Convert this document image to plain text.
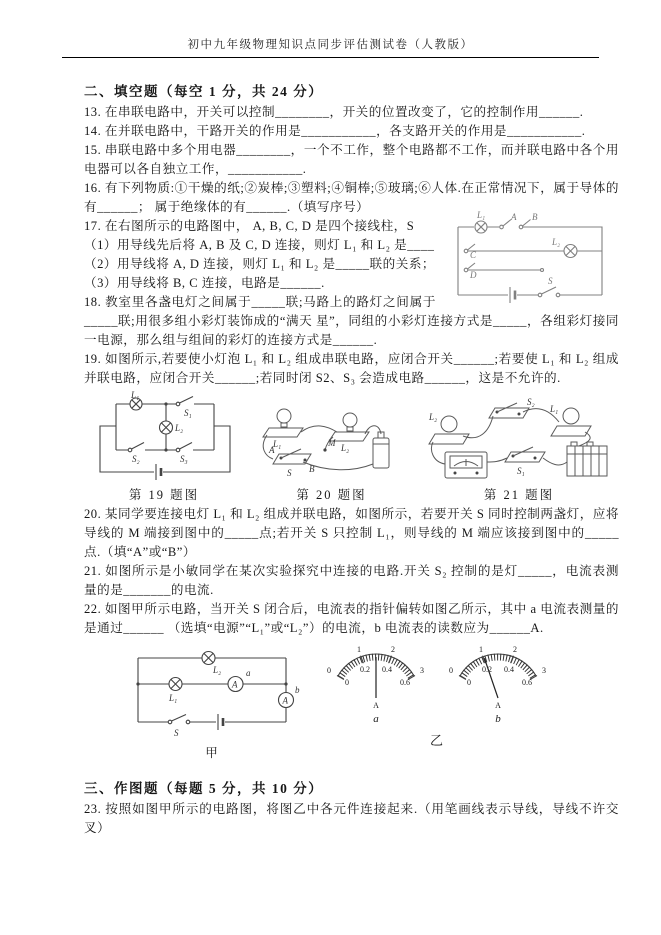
初中九年级物理知识点同步评估测试卷（人教版）

二、填空题（每空 1 分，共 24 分）

13. 在串联电路中，开关可以控制________，开关的位置改变了，它的控制作用______.

14. 在并联电路中，干路开关的作用是___________，各支路开关的作用是___________.

15. 串联电路中多个用电器________，一个不工作，整个电路都不工作，而并联电路中各个用电器可以各自独立工作，___________.

16. 有下列物质:①干燥的纸;②炭棒;③塑料;④铜棒;⑤玻璃;⑥人体.在正常情况下，属于导体的有______； 属于绝缘体的有______.（填写序号）

L₁	A B
C
L₂
D
S

17. 在右图所示的电路图中， A, B, C, D 是四个接线柱，S

（1）用导线先后将 A, B 及 C, D 连接，则灯 L₁ 和 L₂ 是____

（2）用导线将 A, D 连接，则灯 L₁ 和 L₂ 是_____联的关系；

（3）用导线将 B, C 连接，电路是______.

18. 教室里各盏电灯之间属于_____联;马路上的路灯之间属于_____联;用很多组小彩灯装饰成的“满天 星”，同组的小彩灯连接方式是_____，各组彩灯接同一电源，那么组与组间的彩灯的连接方式是______.

19. 如图所示,若要使小灯泡 L₁ 和 L₂ 组成串联电路，应闭合开关______;若要使 L₁ 和 L₂ 组成并联电路，应闭合开关______;若同时闭 S2、S₃ 会造成电路______，这是不允许的.

L₁
S₁
L₂
S₂	S₃
第 19 题图
L₁	L₂
M
A
B
S
第 20 题图
L₂
S₂
L₁
S₁
第 21 题图

20. 某同学要连接电灯 L₁ 和 L₂ 组成并联电路，如图所示，若要开关 S 同时控制两盏灯，应将导线的 M 端接到图中的_____点;若开关 S 只控制 L₁，则导线的 M 端应该接到图中的_____点.（填“A”或“B”）

21. 如图所示是小敏同学在某次实验探究中连接的电路.开关 S₂ 控制的是灯_____，电流表测量的是_______的电流.

22. 如图甲所示电路，当开关 S 闭合后，电流表的指针偏转如图乙所示，其中 a 电流表测量的是通过______ （选填“电源”“L₁”或“L₂”）的电流，b 电流表的读数应为______A.

L₂
L₁
A
a
A
b
S
甲
0
1	2
3
0
0.2 0.4
0.6
A
a
0
1	2
3
0
0.2 0.4
0.6
A
b
乙

三、作图题（每题 5 分，共 10 分）

23. 按照如图甲所示的电路图，将图乙中各元件连接起来.（用笔画线表示导线，导线不许交叉）
